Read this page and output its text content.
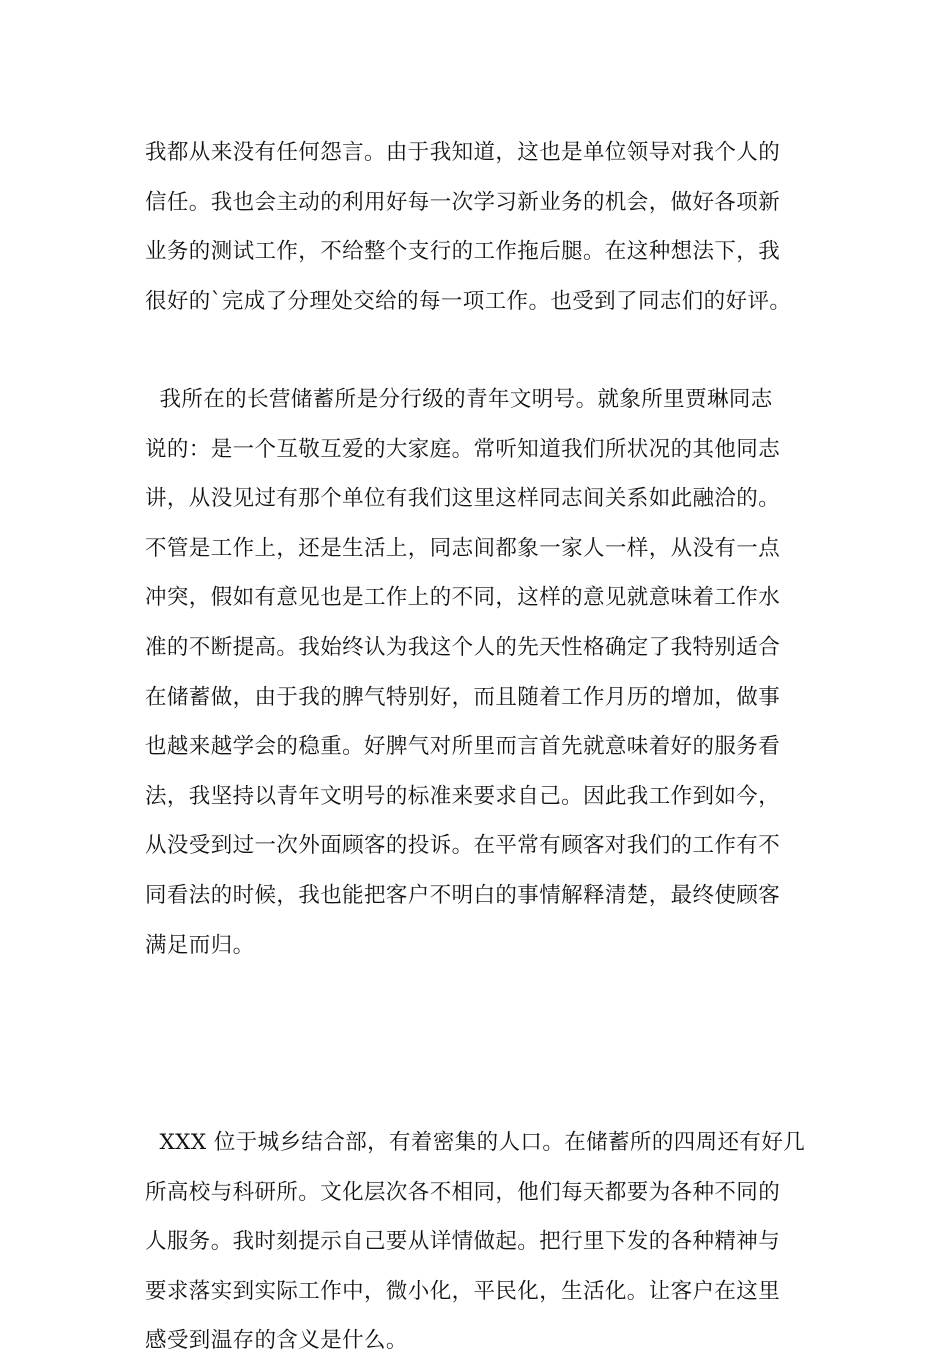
我都从来没有任何怨言。由于我知道，这也是单位领导对我个人的
信任。我也会主动的利用好每一次学习新业务的机会，做好各项新
业务的测试工作，不给整个支行的工作拖后腿。在这种想法下，我
很好的`完成了分理处交给的每一项工作。也受到了同志们的好评。
我所在的长营储蓄所是分行级的青年文明号。就象所里贾琳同志
说的：是一个互敬互爱的大家庭。常听知道我们所状况的其他同志
讲，从没见过有那个单位有我们这里这样同志间关系如此融洽的。
不管是工作上，还是生活上，同志间都象一家人一样，从没有一点
冲突，假如有意见也是工作上的不同，这样的意见就意味着工作水
准的不断提高。我始终认为我这个人的先天性格确定了我特别适合
在储蓄做，由于我的脾气特别好，而且随着工作月历的增加，做事
也越来越学会的稳重。好脾气对所里而言首先就意味着好的服务看
法，我坚持以青年文明号的标准来要求自己。因此我工作到如今，
从没受到过一次外面顾客的投诉。在平常有顾客对我们的工作有不
同看法的时候，我也能把客户不明白的事情解释清楚，最终使顾客
满足而归。
XXX 位于城乡结合部，有着密集的人口。在储蓄所的四周还有好几
所高校与科研所。文化层次各不相同，他们每天都要为各种不同的
人服务。我时刻提示自己要从详情做起。把行里下发的各种精神与
要求落实到实际工作中，微小化，平民化，生活化。让客户在这里
感受到温存的含义是什么。
